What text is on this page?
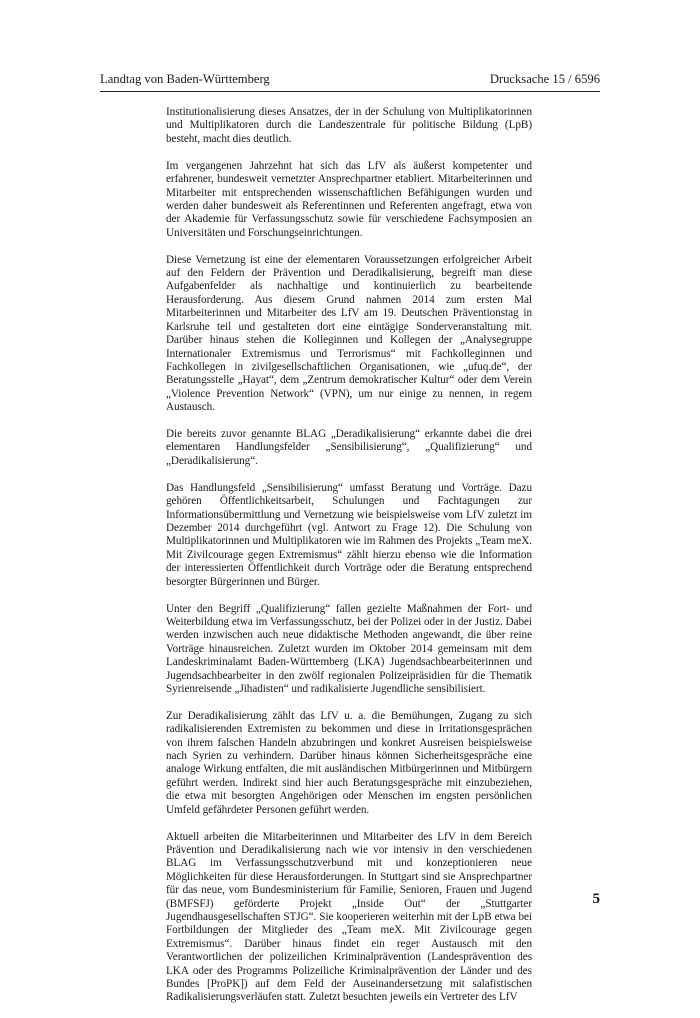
Landtag von Baden-Württemberg	Drucksache 15 / 6596

Institutionalisierung dieses Ansatzes, der in der Schulung von Multiplikatorinnen und Multiplikatoren durch die Landeszentrale für politische Bildung (LpB) besteht, macht dies deutlich.

Im vergangenen Jahrzehnt hat sich das LfV als äußerst kompetenter und erfahrener, bundesweit vernetzter Ansprechpartner etabliert. Mitarbeiterinnen und Mitarbeiter mit entsprechenden wissenschaftlichen Befähigungen wurden und werden daher bundesweit als Referentinnen und Referenten angefragt, etwa von der Akademie für Verfassungsschutz sowie für verschiedene Fachsymposien an Universitäten und Forschungseinrichtungen.

Diese Vernetzung ist eine der elementaren Voraussetzungen erfolgreicher Arbeit auf den Feldern der Prävention und Deradikalisierung, begreift man diese Aufgabenfelder als nachhaltige und kontinuierlich zu bearbeitende Herausforderung. Aus diesem Grund nahmen 2014 zum ersten Mal Mitarbeiterinnen und Mitarbeiter des LfV am 19. Deutschen Präventionstag in Karlsruhe teil und gestalteten dort eine eintägige Sonderveranstaltung mit. Darüber hinaus stehen die Kolleginnen und Kollegen der „Analysegruppe Internationaler Extremismus und Terrorismus“ mit Fachkolleginnen und Fachkollegen in zivilgesellschaftlichen Organisationen, wie „ufuq.de“, der Beratungsstelle „Hayat“, dem „Zentrum demokratischer Kultur“ oder dem Verein „Violence Prevention Network“ (VPN), um nur einige zu nennen, in regem Austausch.

Die bereits zuvor genannte BLAG „Deradikalisierung“ erkannte dabei die drei elementaren Handlungsfelder „Sensibilisierung“, „Qualifizierung“ und „Deradikalisierung“.

Das Handlungsfeld „Sensibilisierung“ umfasst Beratung und Vorträge. Dazu gehören Öffentlichkeitsarbeit, Schulungen und Fachtagungen zur Informationsübermittlung und Vernetzung wie beispielsweise vom LfV zuletzt im Dezember 2014 durchgeführt (vgl. Antwort zu Frage 12). Die Schulung von Multiplikatorinnen und Multiplikatoren wie im Rahmen des Projekts „Team meX. Mit Zivilcourage gegen Extremismus“ zählt hierzu ebenso wie die Information der interessierten Öffentlichkeit durch Vorträge oder die Beratung entsprechend besorgter Bürgerinnen und Bürger.

Unter den Begriff „Qualifizierung“ fallen gezielte Maßnahmen der Fort- und Weiterbildung etwa im Verfassungsschutz, bei der Polizei oder in der Justiz. Dabei werden inzwischen auch neue didaktische Methoden angewandt, die über reine Vorträge hinausreichen. Zuletzt wurden im Oktober 2014 gemeinsam mit dem Landeskriminalamt Baden-Württemberg (LKA) Jugendsachbearbeiterinnen und Jugendsachbearbeiter in den zwölf regionalen Polizeipräsidien für die Thematik Syrienreisende „Jihadisten“ und radikalisierte Jugendliche sensibilisiert.

Zur Deradikalisierung zählt das LfV u. a. die Bemühungen, Zugang zu sich radikalisierenden Extremisten zu bekommen und diese in Irritationsgesprächen von ihrem falschen Handeln abzubringen und konkret Ausreisen beispielsweise nach Syrien zu verhindern. Darüber hinaus können Sicherheitsgespräche eine analoge Wirkung entfalten, die mit ausländischen Mitbürgerinnen und Mitbürgern geführt werden. Indirekt sind hier auch Beratungsgespräche mit einzubeziehen, die etwa mit besorgten Angehörigen oder Menschen im engsten persönlichen Umfeld gefährdeter Personen geführt werden.

Aktuell arbeiten die Mitarbeiterinnen und Mitarbeiter des LfV in dem Bereich Prävention und Deradikalisierung nach wie vor intensiv in den verschiedenen BLAG im Verfassungsschutzverbund mit und konzeptionieren neue Möglichkeiten für diese Herausforderungen. In Stuttgart sind sie Ansprechpartner für das neue, vom Bundesministerium für Familie, Senioren, Frauen und Jugend (BMFSFJ) geförderte Projekt „Inside Out“ der „Stuttgarter Jugendhausgesellschaften STJG“. Sie kooperieren weiterhin mit der LpB etwa bei Fortbildungen der Mitglieder des „Team meX. Mit Zivilcourage gegen Extremismus“. Darüber hinaus findet ein reger Austausch mit den Verantwortlichen der polizeilichen Kriminalprävention (Landesprävention des LKA oder des Programms Polizeiliche Kriminalprävention der Länder und des Bundes [ProPK]) auf dem Feld der Auseinandersetzung mit salafistischen Radikalisierungsverläufen statt. Zuletzt besuchten jeweils ein Vertreter des LfV

5
